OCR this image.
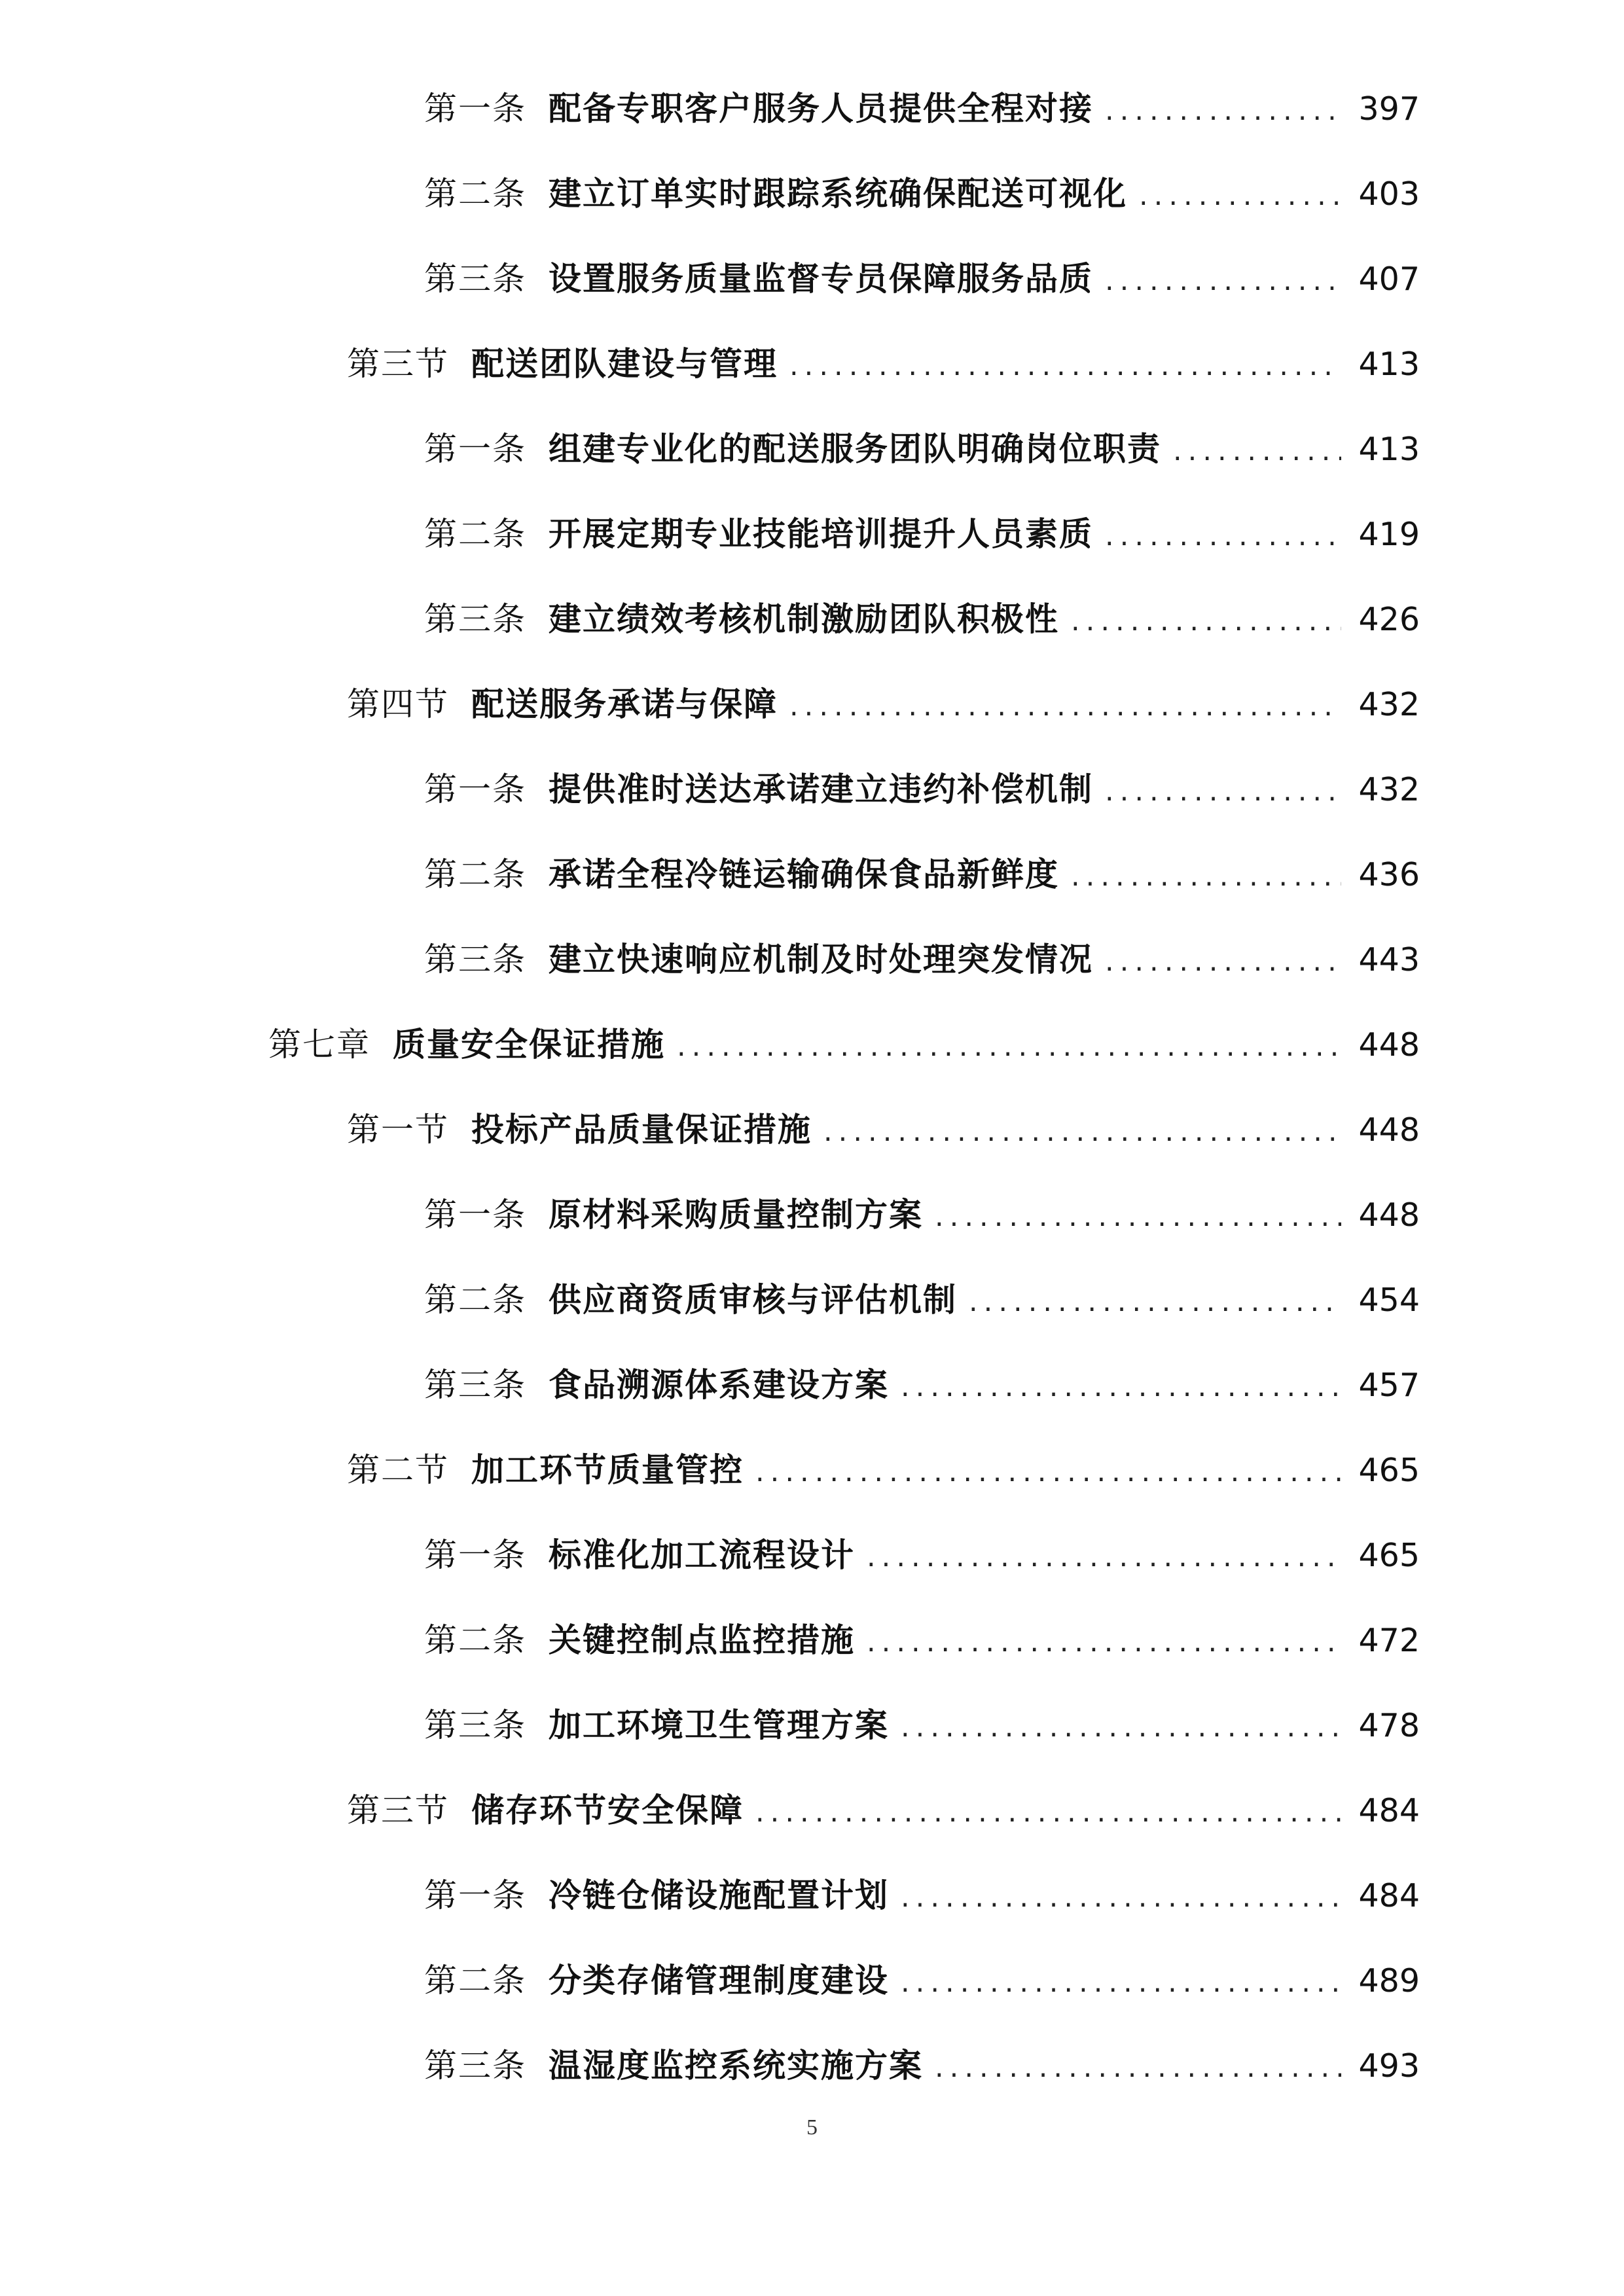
第一条 配备专职客户服务人员提供全程对接 .....	397
第二条 建立订单实时跟踪系统确保配送可视化 .....	403
第三条 设置服务质量监督专员保障服务品质 .....	407
第三节 配送团队建设与管理 .....	413
第一条 组建专业化的配送服务团队明确岗位职责 .....	413
第二条 开展定期专业技能培训提升人员素质 .....	419
第三条 建立绩效考核机制激励团队积极性 .....	426
第四节 配送服务承诺与保障 .....	432
第一条 提供准时送达承诺建立违约补偿机制 .....	432
第二条 承诺全程冷链运输确保食品新鲜度 .....	436
第三条 建立快速响应机制及时处理突发情况 .....	443
第七章 质量安全保证措施 .....	448
第一节 投标产品质量保证措施 .....	448
第一条 原材料采购质量控制方案 .....	448
第二条 供应商资质审核与评估机制 .....	454
第三条 食品溯源体系建设方案 .....	457
第二节 加工环节质量管控 .....	465
第一条 标准化加工流程设计 .....	465
第二条 关键控制点监控措施 .....	472
第三条 加工环境卫生管理方案 .....	478
第三节 储存环节安全保障 .....	484
第一条 冷链仓储设施配置计划 .....	484
第二条 分类存储管理制度建设 .....	489
第三条 温湿度监控系统实施方案 .....	493
5
